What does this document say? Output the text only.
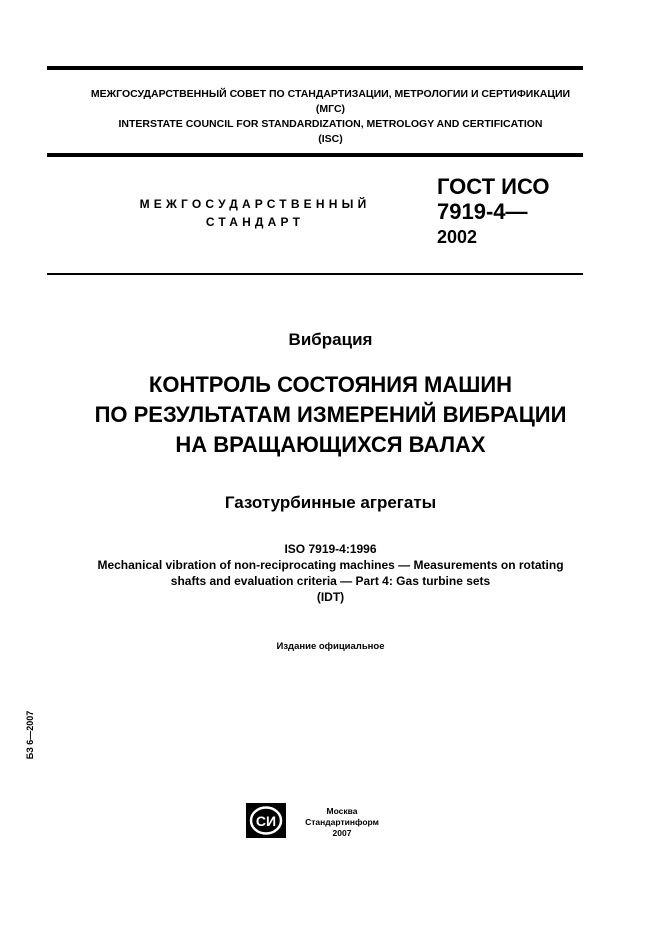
МЕЖГОСУДАРСТВЕННЫЙ СОВЕТ ПО СТАНДАРТИЗАЦИИ, МЕТРОЛОГИИ И СЕРТИФИКАЦИИ
(МГС)
INTERSTATE COUNCIL FOR STANDARDIZATION, METROLOGY AND CERTIFICATION
(ISC)
МЕЖГОСУДАРСТВЕННЫЙ
СТАНДАРТ
ГОСТ ИСО
7919-4—
2002
Вибрация
КОНТРОЛЬ СОСТОЯНИЯ МАШИН
ПО РЕЗУЛЬТАТАМ ИЗМЕРЕНИЙ ВИБРАЦИИ
НА ВРАЩАЮЩИХСЯ ВАЛАХ
Газотурбинные агрегаты
ISO 7919-4:1996
Mechanical vibration of non-reciprocating machines — Measurements on rotating
shafts and evaluation criteria — Part 4: Gas turbine sets
(IDT)
Издание официальное
БЗ 6—2007
СИ
Москва
Стандартинформ
2007
